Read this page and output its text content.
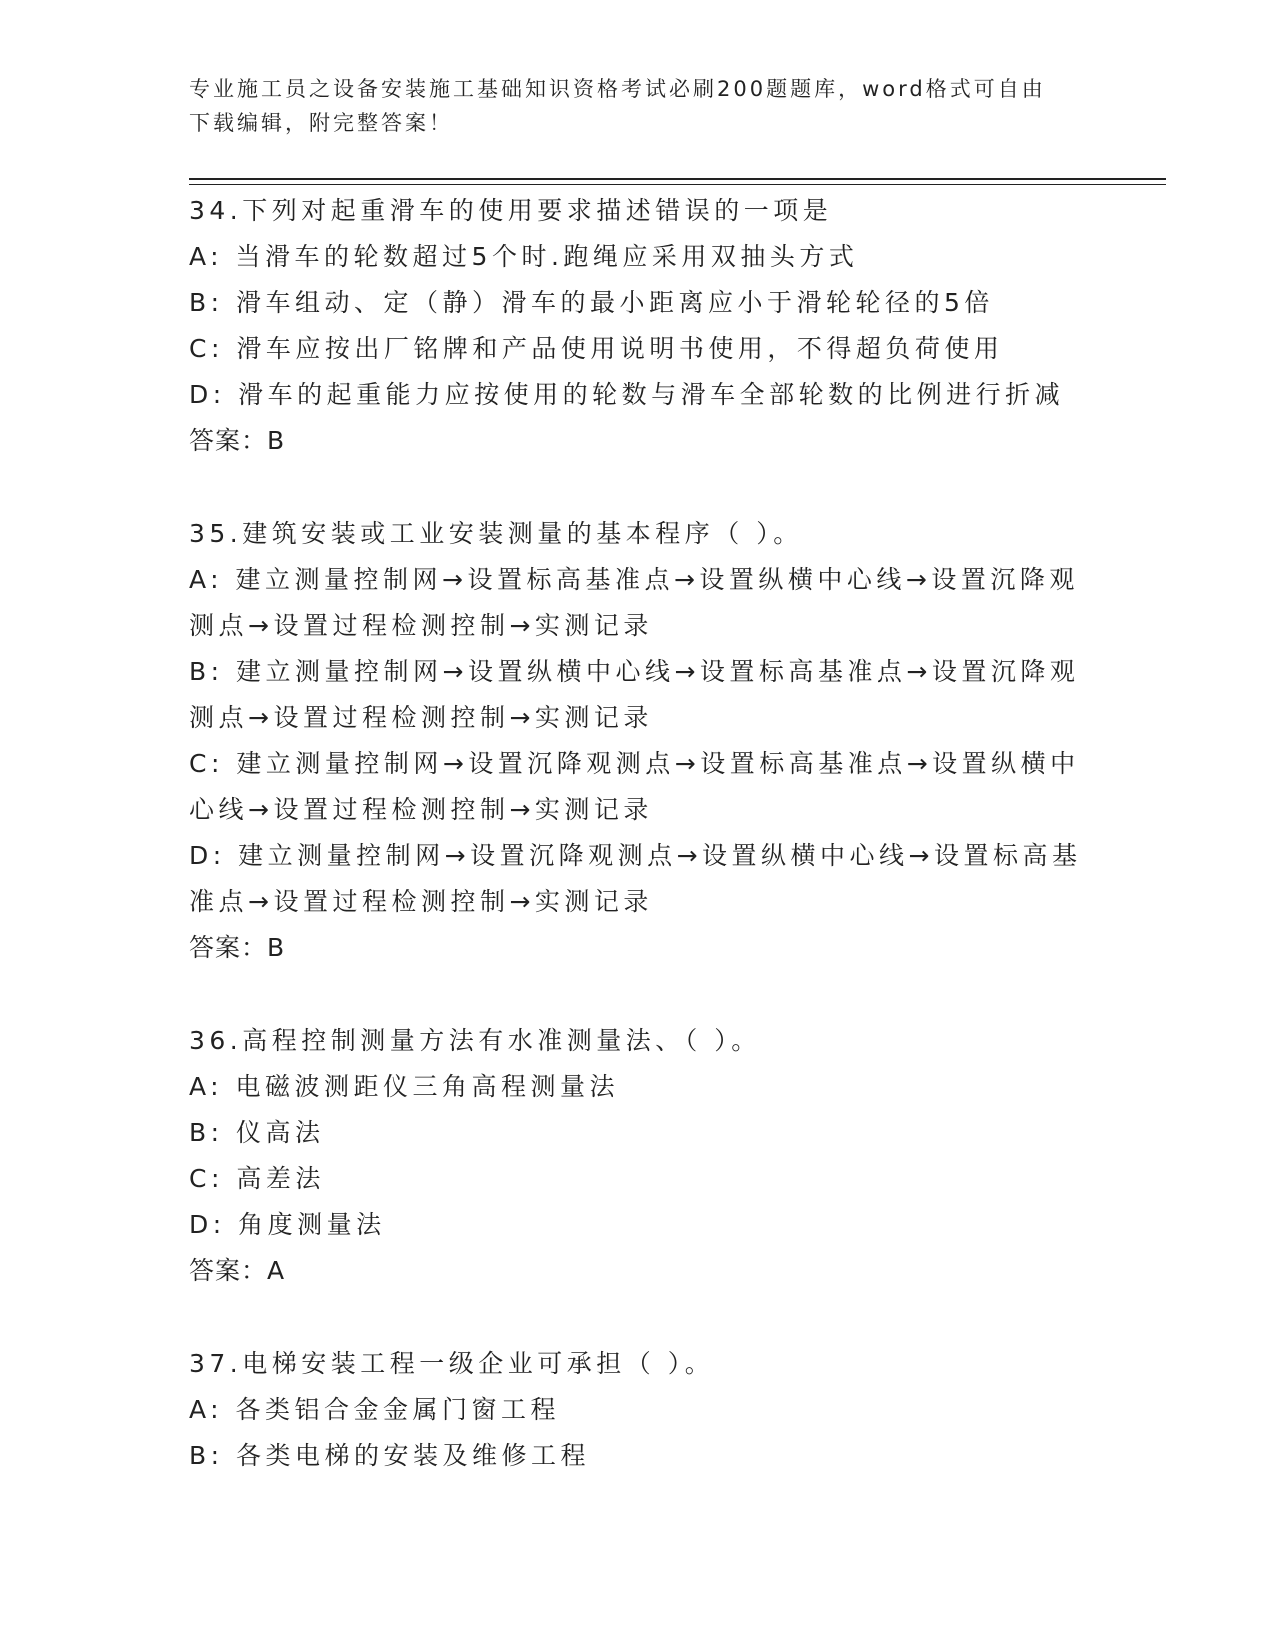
专业施工员之设备安装施工基础知识资格考试必刷200题题库，word格式可自由
下载编辑，附完整答案！
34.下列对起重滑车的使用要求描述错误的一项是
A: 当滑车的轮数超过5个时.跑绳应采用双抽头方式
B: 滑车组动、定（静）滑车的最小距离应小于滑轮轮径的5倍
C: 滑车应按出厂铭牌和产品使用说明书使用，不得超负荷使用
D: 滑车的起重能力应按使用的轮数与滑车全部轮数的比例进行折减
答案：B
35.建筑安装或工业安装测量的基本程序（ ）。
A: 建立测量控制网→设置标高基准点→设置纵横中心线→设置沉降观测点→设置过程检测控制→实测记录
B: 建立测量控制网→设置纵横中心线→设置标高基准点→设置沉降观测点→设置过程检测控制→实测记录
C: 建立测量控制网→设置沉降观测点→设置标高基准点→设置纵横中心线→设置过程检测控制→实测记录
D: 建立测量控制网→设置沉降观测点→设置纵横中心线→设置标高基准点→设置过程检测控制→实测记录
答案：B
36.高程控制测量方法有水准测量法、（ ）。
A: 电磁波测距仪三角高程测量法
B: 仪高法
C: 高差法
D: 角度测量法
答案：A
37.电梯安装工程一级企业可承担（ ）。
A: 各类铝合金金属门窗工程
B: 各类电梯的安装及维修工程
